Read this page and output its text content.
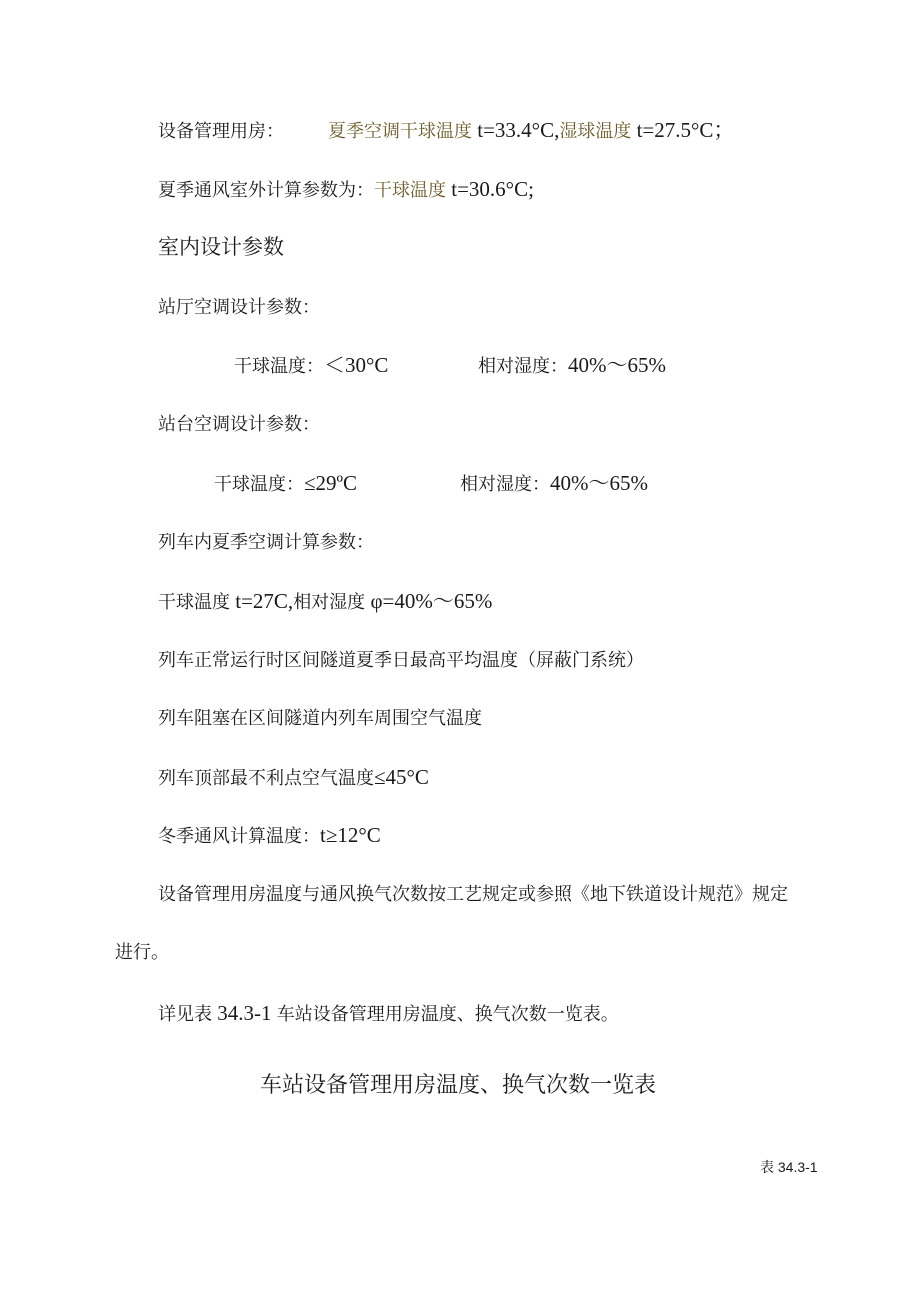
设备管理用房： 夏季空调干球温度 t=33.4°C,湿球温度 t=27.5°C；
夏季通风室外计算参数为：干球温度 t=30.6°C;
室内设计参数
站厅空调设计参数：
干球温度：＜30°C	相对湿度：40%～65%
站台空调设计参数：
干球温度：≤29ºC	相对湿度：40%～65%
列车内夏季空调计算参数：
干球温度 t=27C,相对湿度 φ=40%～65%
列车正常运行时区间隧道夏季日最高平均温度（屏蔽门系统）
列车阻塞在区间隧道内列车周围空气温度
列车顶部最不利点空气温度≤45°C
冬季通风计算温度：t≥12°C
设备管理用房温度与通风换气次数按工艺规定或参照《地下铁道设计规范》规定
进行。
详见表 34.3-1 车站设备管理用房温度、换气次数一览表。
车站设备管理用房温度、换气次数一览表
表 34.3-1
